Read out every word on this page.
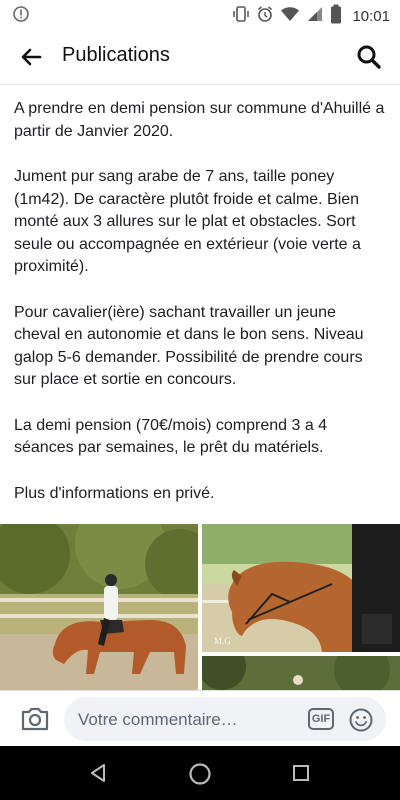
10:01
Publications

A prendre en demi pension sur commune d'Ahuillé a partir de Janvier 2020.

Jument pur sang arabe de 7 ans, taille poney (1m42). De caractère plutôt froide et calme. Bien monté aux 3 allures sur le plat et obstacles. Sort seule ou accompagnée en extérieur (voie verte a proximité).

Pour cavalier(ière) sachant travailler un jeune cheval en autonomie et dans le bon sens. Niveau galop 5-6 demander. Possibilité de prendre cours sur place et sortie en concours.

La demi pension (70€/mois) comprend 3 a 4 séances par semaines, le prêt du matériels.

Plus d'informations en privé.

M.G
Votre commentaire…	GIF
